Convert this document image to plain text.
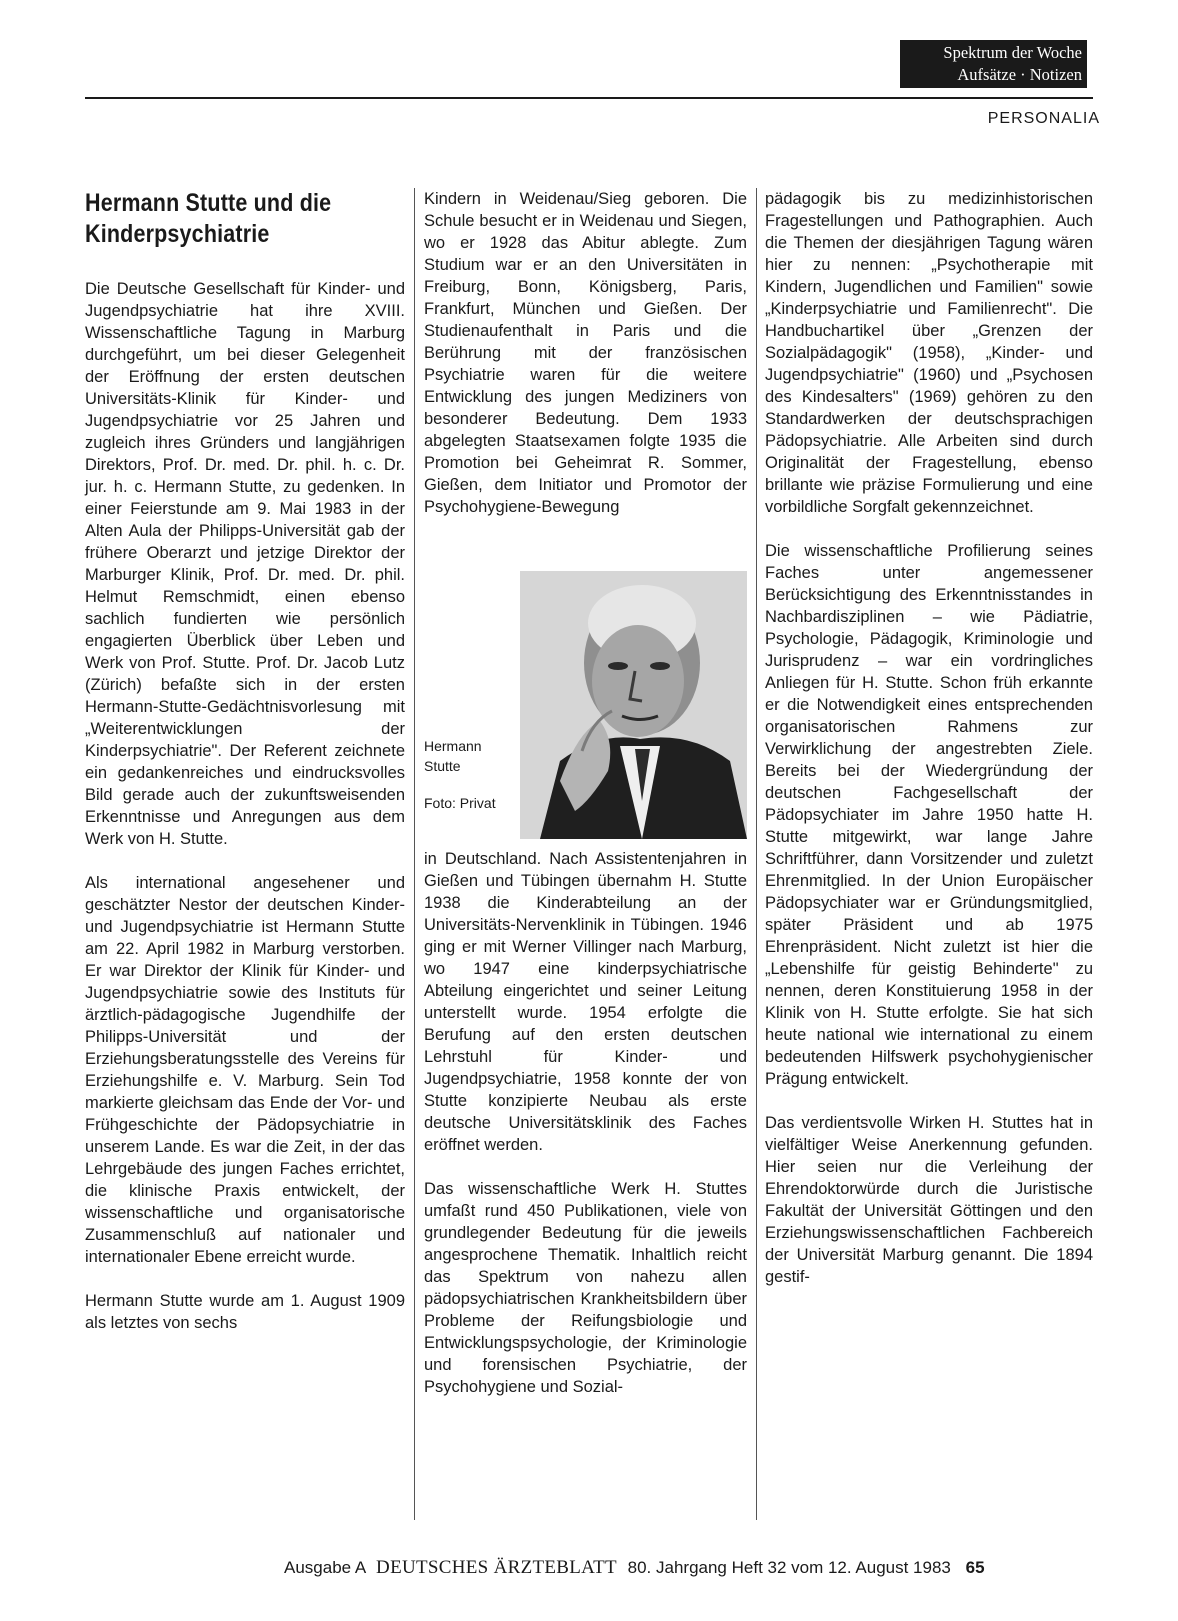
Spektrum der Woche
Aufsätze · Notizen
PERSONALIA
Hermann Stutte und die Kinderpsychiatrie

Die Deutsche Gesellschaft für Kinder- und Jugendpsychiatrie hat ihre XVIII. Wissenschaftliche Tagung in Marburg durchgeführt, um bei dieser Gelegenheit der Eröffnung der ersten deutschen Universitäts-Klinik für Kinder- und Jugendpsychiatrie vor 25 Jahren und zugleich ihres Gründers und langjährigen Direktors, Prof. Dr. med. Dr. phil. h. c. Dr. jur. h. c. Hermann Stutte, zu gedenken. In einer Feierstunde am 9. Mai 1983 in der Alten Aula der Philipps-Universität gab der frühere Oberarzt und jetzige Direktor der Marburger Klinik, Prof. Dr. med. Dr. phil. Helmut Remschmidt, einen ebenso sachlich fundierten wie persönlich engagierten Überblick über Leben und Werk von Prof. Stutte. Prof. Dr. Jacob Lutz (Zürich) befaßte sich in der ersten Hermann-Stutte-Gedächtnisvorlesung mit „Weiterentwicklungen der Kinderpsychiatrie". Der Referent zeichnete ein gedankenreiches und eindrucksvolles Bild gerade auch der zukunftsweisenden Erkenntnisse und Anregungen aus dem Werk von H. Stutte.

Als international angesehener und geschätzter Nestor der deutschen Kinder- und Jugendpsychiatrie ist Hermann Stutte am 22. April 1982 in Marburg verstorben. Er war Direktor der Klinik für Kinder- und Jugendpsychiatrie sowie des Instituts für ärztlich-pädagogische Jugendhilfe der Philipps-Universität und der Erziehungsberatungsstelle des Vereins für Erziehungshilfe e. V. Marburg. Sein Tod markierte gleichsam das Ende der Vor- und Frühgeschichte der Pädopsychiatrie in unserem Lande. Es war die Zeit, in der das Lehrgebäude des jungen Faches errichtet, die klinische Praxis entwickelt, der wissenschaftliche und organisatorische Zusammenschluß auf nationaler und internationaler Ebene erreicht wurde.

Hermann Stutte wurde am 1. August 1909 als letztes von sechs

Kindern in Weidenau/Sieg geboren. Die Schule besucht er in Weidenau und Siegen, wo er 1928 das Abitur ablegte. Zum Studium war er an den Universitäten in Freiburg, Bonn, Königsberg, Paris, Frankfurt, München und Gießen. Der Studienaufenthalt in Paris und die Berührung mit der französischen Psychiatrie waren für die weitere Entwicklung des jungen Mediziners von besonderer Bedeutung. Dem 1933 abgelegten Staatsexamen folgte 1935 die Promotion bei Geheimrat R. Sommer, Gießen, dem Initiator und Promotor der Psychohygiene-Bewegung

Hermann Stutte
Foto: Privat

in Deutschland. Nach Assistentenjahren in Gießen und Tübingen übernahm H. Stutte 1938 die Kinderabteilung an der Universitäts-Nervenklinik in Tübingen. 1946 ging er mit Werner Villinger nach Marburg, wo 1947 eine kinderpsychiatrische Abteilung eingerichtet und seiner Leitung unterstellt wurde. 1954 erfolgte die Berufung auf den ersten deutschen Lehrstuhl für Kinder- und Jugendpsychiatrie, 1958 konnte der von Stutte konzipierte Neubau als erste deutsche Universitätsklinik des Faches eröffnet werden.

Das wissenschaftliche Werk H. Stuttes umfaßt rund 450 Publikationen, viele von grundlegender Bedeutung für die jeweils angesprochene Thematik. Inhaltlich reicht das Spektrum von nahezu allen pädopsychiatrischen Krankheitsbildern über Probleme der Reifungsbiologie und Entwicklungspsychologie, der Kriminologie und forensischen Psychiatrie, der Psychohygiene und Sozial-

pädagogik bis zu medizinhistorischen Fragestellungen und Pathographien. Auch die Themen der diesjährigen Tagung wären hier zu nennen: „Psychotherapie mit Kindern, Jugendlichen und Familien" sowie „Kinderpsychiatrie und Familienrecht". Die Handbuchartikel über „Grenzen der Sozialpädagogik" (1958), „Kinder- und Jugendpsychiatrie" (1960) und „Psychosen des Kindesalters" (1969) gehören zu den Standardwerken der deutschsprachigen Pädopsychiatrie. Alle Arbeiten sind durch Originalität der Fragestellung, ebenso brillante wie präzise Formulierung und eine vorbildliche Sorgfalt gekennzeichnet.

Die wissenschaftliche Profilierung seines Faches unter angemessener Berücksichtigung des Erkenntnisstandes in Nachbardisziplinen – wie Pädiatrie, Psychologie, Pädagogik, Kriminologie und Jurisprudenz – war ein vordringliches Anliegen für H. Stutte. Schon früh erkannte er die Notwendigkeit eines entsprechenden organisatorischen Rahmens zur Verwirklichung der angestrebten Ziele. Bereits bei der Wiedergründung der deutschen Fachgesellschaft der Pädopsychiater im Jahre 1950 hatte H. Stutte mitgewirkt, war lange Jahre Schriftführer, dann Vorsitzender und zuletzt Ehrenmitglied. In der Union Europäischer Pädopsychiater war er Gründungsmitglied, später Präsident und ab 1975 Ehrenpräsident. Nicht zuletzt ist hier die „Lebenshilfe für geistig Behinderte" zu nennen, deren Konstituierung 1958 in der Klinik von H. Stutte erfolgte. Sie hat sich heute national wie international zu einem bedeutenden Hilfswerk psychohygienischer Prägung entwickelt.

Das verdientsvolle Wirken H. Stuttes hat in vielfältiger Weise Anerkennung gefunden. Hier seien nur die Verleihung der Ehrendoktorwürde durch die Juristische Fakultät der Universität Göttingen und den Erziehungswissenschaftlichen Fachbereich der Universität Marburg genannt. Die 1894 gestif-

Ausgabe A DEUTSCHES ÄRZTEBLATT 80. Jahrgang Heft 32 vom 12. August 1983 65
